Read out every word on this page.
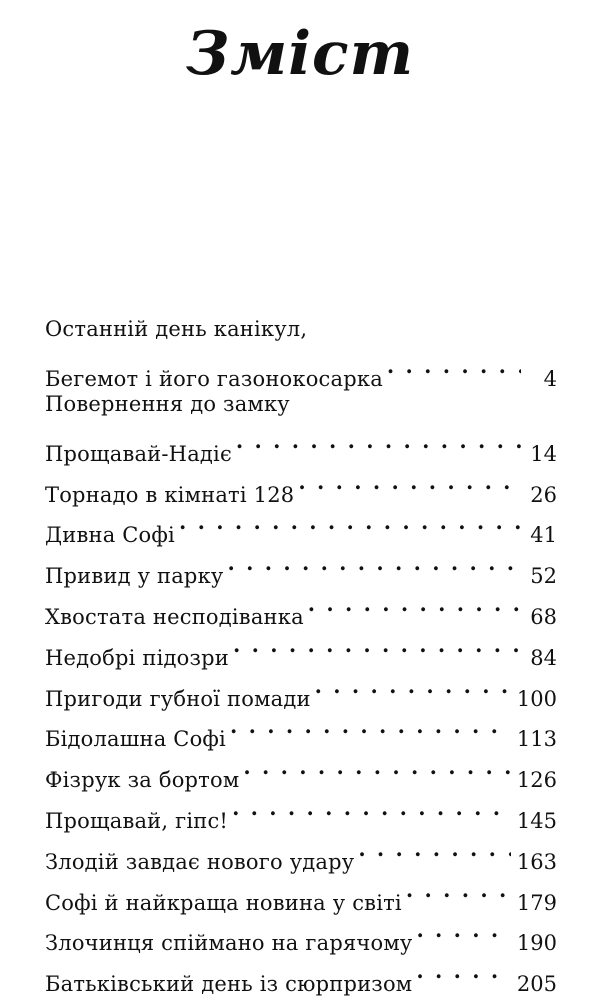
Зміст
Останній день канікул,
Бегемот і його газонокосарка . . .	4
Повернення до замку
Прощавай-Надіє . . .	14
Торнадо в кімнаті 128 . . .	26
Дивна Софі . . .	41
Привид у парку . . .	52
Хвостата несподіванка . . .	68
Недобрі підозри . . .	84
Пригоди губної помади . . .	100
Бідолашна Софі . . .	113
Фізрук за бортом . . .	126
Прощавай, гіпс! . . .	145
Злодій завдає нового удару . . .	163
Софі й найкраща новина у світі . . .	179
Злочинця спіймано на гарячому . . .	190
Батьківський день із сюрпризом . . .	205
